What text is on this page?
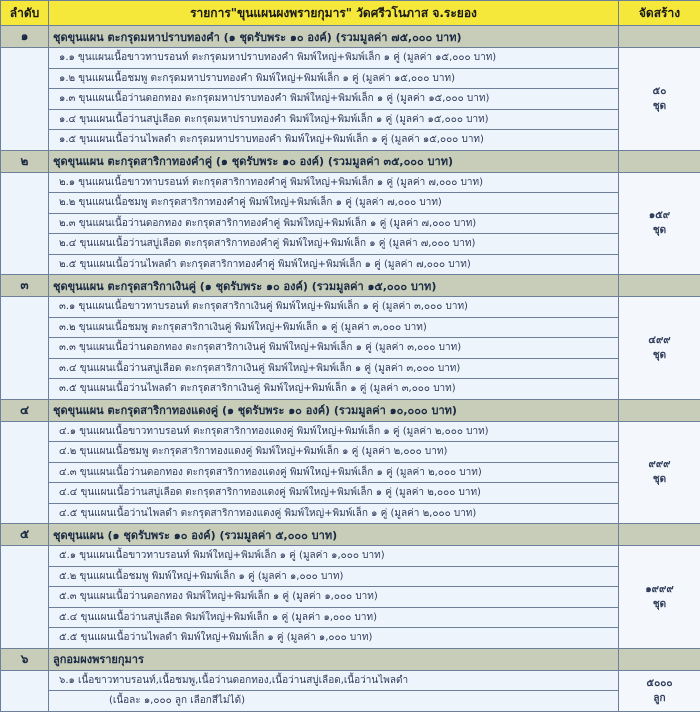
ลำดับ	รายการ"ขุนแผนผงพรายกุมาร" วัดศรีวโนภาส จ.ระยอง	จัดสร้าง
๑	ชุดขุนแผน ตะกรุดมหาปราบทองคำ (๑ ชุดรับพระ ๑๐ องค์) (รวมมูลค่า ๗๕,๐๐๐ บาท)	
	๑.๑ ขุนแผนเนื้อขาวทาบรอนท์ ตะกรุดมหาปราบทองคำ พิมพ์ใหญ่+พิมพ์เล็ก ๑ คู่ (มูลค่า ๑๕,๐๐๐ บาท)	๕๐
ชุด

	๑.๒ ขุนแผนเนื้อชมพู ตะกรุดมหาปราบทองคำ พิมพ์ใหญ่+พิมพ์เล็ก ๑ คู่ (มูลค่า ๑๕,๐๐๐ บาท)	
	๑.๓ ขุนแผนเนื้อว่านดอกทอง ตะกรุดมหาปราบทองคำ พิมพ์ใหญ่+พิมพ์เล็ก ๑ คู่ (มูลค่า ๑๕,๐๐๐ บาท)	
	๑.๔ ขุนแผนเนื้อว่านสบู่เลือด ตะกรุดมหาปราบทองคำ พิมพ์ใหญ่+พิมพ์เล็ก ๑ คู่ (มูลค่า ๑๕,๐๐๐ บาท)	
	๑.๕ ขุนแผนเนื้อว่านไพลดำ ตะกรุดมหาปราบทองคำ พิมพ์ใหญ่+พิมพ์เล็ก ๑ คู่ (มูลค่า ๑๕,๐๐๐ บาท)	
๒	ชุดขุนแผน ตะกรุดสาริกาทองคำคู่ (๑ ชุดรับพระ ๑๐ องค์) (รวมมูลค่า ๓๕,๐๐๐ บาท)	
	๒.๑ ขุนแผนเนื้อขาวทาบรอนท์ ตะกรุดสาริกาทองคำคู่ พิมพ์ใหญ่+พิมพ์เล็ก ๑ คู่ (มูลค่า ๗,๐๐๐ บาท)	๑๕๙
ชุด

	๒.๒ ขุนแผนเนื้อชมพู ตะกรุดสาริกาทองคำคู่ พิมพ์ใหญ่+พิมพ์เล็ก ๑ คู่ (มูลค่า ๗,๐๐๐ บาท)	
	๒.๓ ขุนแผนเนื้อว่านดอกทอง ตะกรุดสาริกาทองคำคู่ พิมพ์ใหญ่+พิมพ์เล็ก ๑ คู่ (มูลค่า ๗,๐๐๐ บาท)	
	๒.๔ ขุนแผนเนื้อว่านสบู่เลือด ตะกรุดสาริกาทองคำคู่ พิมพ์ใหญ่+พิมพ์เล็ก ๑ คู่ (มูลค่า ๗,๐๐๐ บาท)	
	๒.๕ ขุนแผนเนื้อว่านไพลดำ ตะกรุดสาริกาทองคำคู่ พิมพ์ใหญ่+พิมพ์เล็ก ๑ คู่ (มูลค่า ๗,๐๐๐ บาท)	
๓	ชุดขุนแผน ตะกรุดสาริกาเงินคู่ (๑ ชุดรับพระ ๑๐ องค์) (รวมมูลค่า ๑๕,๐๐๐ บาท)	
	๓.๑ ขุนแผนเนื้อขาวทาบรอนท์ ตะกรุดสาริกาเงินคู่ พิมพ์ใหญ่+พิมพ์เล็ก ๑ คู่ (มูลค่า ๓,๐๐๐ บาท)	๔๙๙
ชุด

	๓.๒ ขุนแผนเนื้อชมพู ตะกรุดสาริกาเงินคู่ พิมพ์ใหญ่+พิมพ์เล็ก ๑ คู่ (มูลค่า ๓,๐๐๐ บาท)	
	๓.๓ ขุนแผนเนื้อว่านดอกทอง ตะกรุดสาริกาเงินคู่ พิมพ์ใหญ่+พิมพ์เล็ก ๑ คู่ (มูลค่า ๓,๐๐๐ บาท)	
	๓.๔ ขุนแผนเนื้อว่านสบู่เลือด ตะกรุดสาริกาเงินคู่ พิมพ์ใหญ่+พิมพ์เล็ก ๑ คู่ (มูลค่า ๓,๐๐๐ บาท)	
	๓.๕ ขุนแผนเนื้อว่านไพลดำ ตะกรุดสาริกาเงินคู่ พิมพ์ใหญ่+พิมพ์เล็ก ๑ คู่ (มูลค่า ๓,๐๐๐ บาท)	
๔	ชุดขุนแผน ตะกรุดสาริกาทองแดงคู่ (๑ ชุดรับพระ ๑๐ องค์) (รวมมูลค่า ๑๐,๐๐๐ บาท)	
	๔.๑ ขุนแผนเนื้อขาวทาบรอนท์ ตะกรุดสาริกาทองแดงคู่ พิมพ์ใหญ่+พิมพ์เล็ก ๑ คู่ (มูลค่า ๒,๐๐๐ บาท)	๙๙๙
ชุด

	๔.๒ ขุนแผนเนื้อชมพู ตะกรุดสาริกาทองแดงคู่ พิมพ์ใหญ่+พิมพ์เล็ก ๑ คู่ (มูลค่า ๒,๐๐๐ บาท)	
	๔.๓ ขุนแผนเนื้อว่านดอกทอง ตะกรุดสาริกาทองแดงคู่ พิมพ์ใหญ่+พิมพ์เล็ก ๑ คู่ (มูลค่า ๒,๐๐๐ บาท)	
	๔.๔ ขุนแผนเนื้อว่านสบู่เลือด ตะกรุดสาริกาทองแดงคู่ พิมพ์ใหญ่+พิมพ์เล็ก ๑ คู่ (มูลค่า ๒,๐๐๐ บาท)	
	๔.๕ ขุนแผนเนื้อว่านไพลดำ ตะกรุดสาริกาทองแดงคู่ พิมพ์ใหญ่+พิมพ์เล็ก ๑ คู่ (มูลค่า ๒,๐๐๐ บาท)	
๕	ชุดขุนแผน (๑ ชุดรับพระ ๑๐ องค์) (รวมมูลค่า ๕,๐๐๐ บาท)	
	๕.๑ ขุนแผนเนื้อขาวทาบรอนท์ พิมพ์ใหญ่+พิมพ์เล็ก ๑ คู่ (มูลค่า ๑,๐๐๐ บาท)	๑๙๙๙
ชุด

	๕.๒ ขุนแผนเนื้อชมพู พิมพ์ใหญ่+พิมพ์เล็ก ๑ คู่ (มูลค่า ๑,๐๐๐ บาท)	
	๕.๓ ขุนแผนเนื้อว่านดอกทอง พิมพ์ใหญ่+พิมพ์เล็ก ๑ คู่ (มูลค่า ๑,๐๐๐ บาท)	
	๕.๔ ขุนแผนเนื้อว่านสบู่เลือด พิมพ์ใหญ่+พิมพ์เล็ก ๑ คู่ (มูลค่า ๑,๐๐๐ บาท)	
	๕.๕ ขุนแผนเนื้อว่านไพลดำ พิมพ์ใหญ่+พิมพ์เล็ก ๑ คู่ (มูลค่า ๑,๐๐๐ บาท)	
๖	ลูกอมผงพรายกุมาร	
	๖.๑ เนื้อขาวทาบรอนท์,เนื้อชมพู,เนื้อว่านดอกทอง,เนื้อว่านสบู่เลือด,เนื้อว่านไพลดำ	๕๐๐๐
ลูก

	(เนื้อละ ๑,๐๐๐ ลูก เลือกสีไม่ได้)	
